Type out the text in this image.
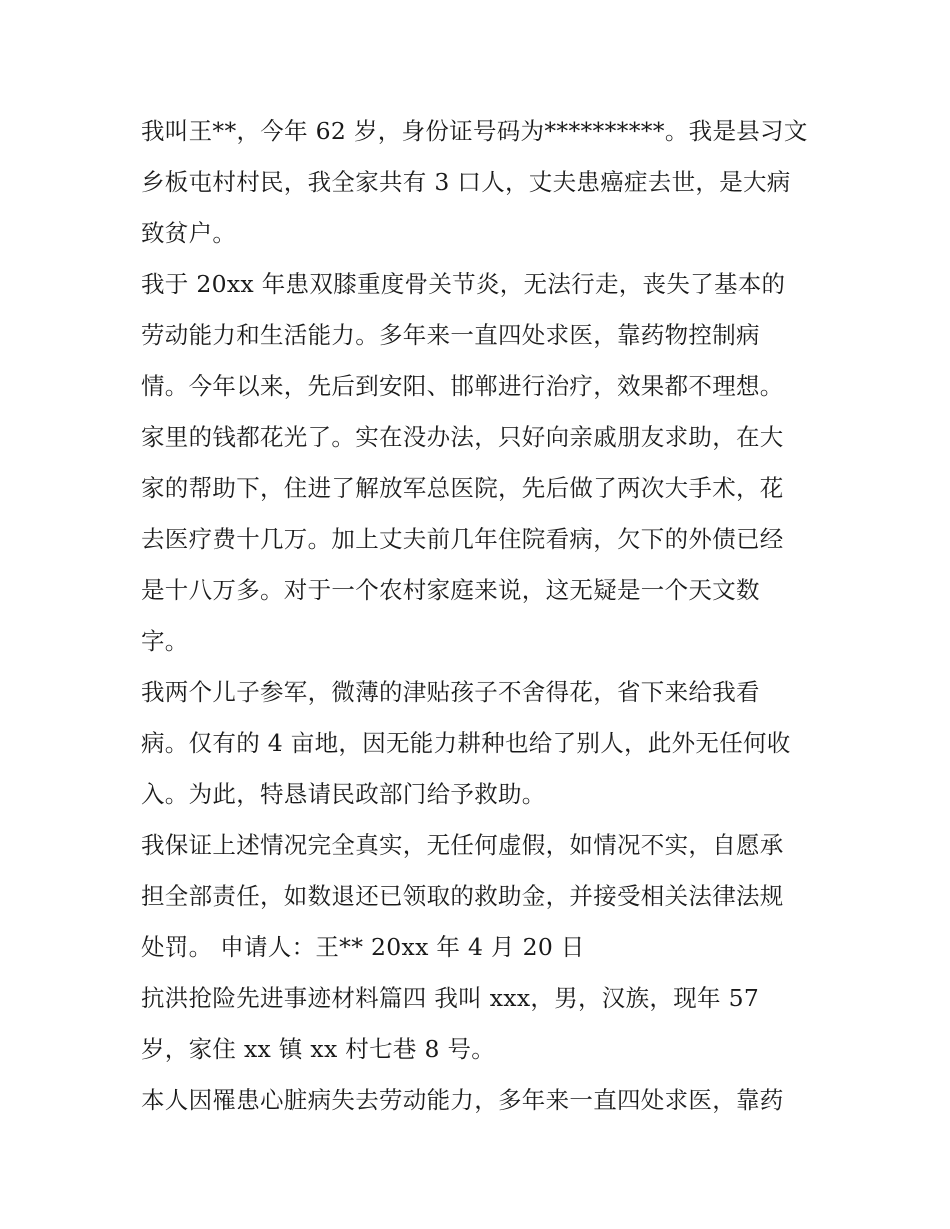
我叫王**，今年 62 岁，身份证号码为**********。我是县习文
乡板屯村村民，我全家共有 3 口人，丈夫患癌症去世，是大病
致贫户。
我于 20xx 年患双膝重度骨关节炎，无法行走，丧失了基本的
劳动能力和生活能力。多年来一直四处求医，靠药物控制病
情。今年以来，先后到安阳、邯郸进行治疗，效果都不理想。
家里的钱都花光了。实在没办法，只好向亲戚朋友求助，在大
家的帮助下，住进了解放军总医院，先后做了两次大手术，花
去医疗费十几万。加上丈夫前几年住院看病，欠下的外债已经
是十八万多。对于一个农村家庭来说，这无疑是一个天文数
字。
我两个儿子参军，微薄的津贴孩子不舍得花，省下来给我看
病。仅有的 4 亩地，因无能力耕种也给了别人，此外无任何收
入。为此，特恳请民政部门给予救助。
我保证上述情况完全真实，无任何虚假，如情况不实，自愿承
担全部责任，如数退还已领取的救助金，并接受相关法律法规
处罚。 申请人：王** 20xx 年 4 月 20 日
抗洪抢险先进事迹材料篇四 我叫 xxx，男，汉族，现年 57
岁，家住 xx 镇 xx 村七巷 8 号。
本人因罹患心脏病失去劳动能力，多年来一直四处求医，靠药
